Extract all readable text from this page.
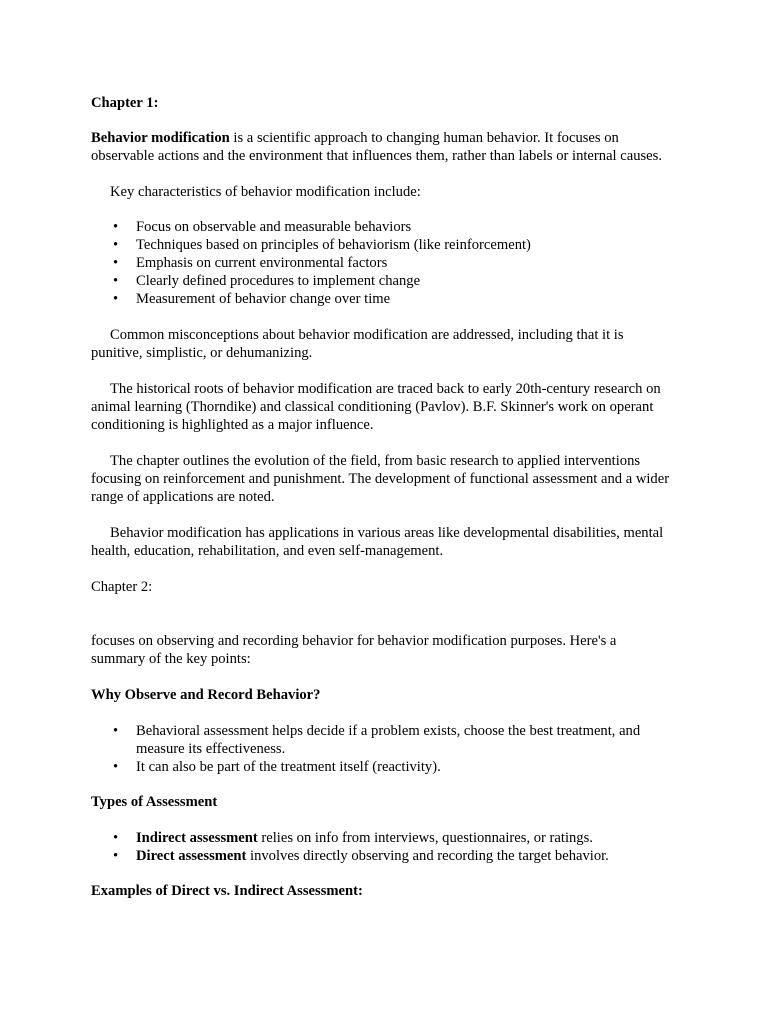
Chapter 1:

Behavior modification is a scientific approach to changing human behavior. It focuses on observable actions and the environment that influences them, rather than labels or internal causes.

Key characteristics of behavior modification include:

• Focus on observable and measurable behaviors
• Techniques based on principles of behaviorism (like reinforcement)
• Emphasis on current environmental factors
• Clearly defined procedures to implement change
• Measurement of behavior change over time

Common misconceptions about behavior modification are addressed, including that it is punitive, simplistic, or dehumanizing.

The historical roots of behavior modification are traced back to early 20th-century research on animal learning (Thorndike) and classical conditioning (Pavlov). B.F. Skinner's work on operant conditioning is highlighted as a major influence.

The chapter outlines the evolution of the field, from basic research to applied interventions focusing on reinforcement and punishment. The development of functional assessment and a wider range of applications are noted.

Behavior modification has applications in various areas like developmental disabilities, mental health, education, rehabilitation, and even self-management.

Chapter 2:

focuses on observing and recording behavior for behavior modification purposes. Here's a summary of the key points:

Why Observe and Record Behavior?

• Behavioral assessment helps decide if a problem exists, choose the best treatment, and measure its effectiveness.
• It can also be part of the treatment itself (reactivity).

Types of Assessment

• Indirect assessment relies on info from interviews, questionnaires, or ratings.
• Direct assessment involves directly observing and recording the target behavior.

Examples of Direct vs. Indirect Assessment:
